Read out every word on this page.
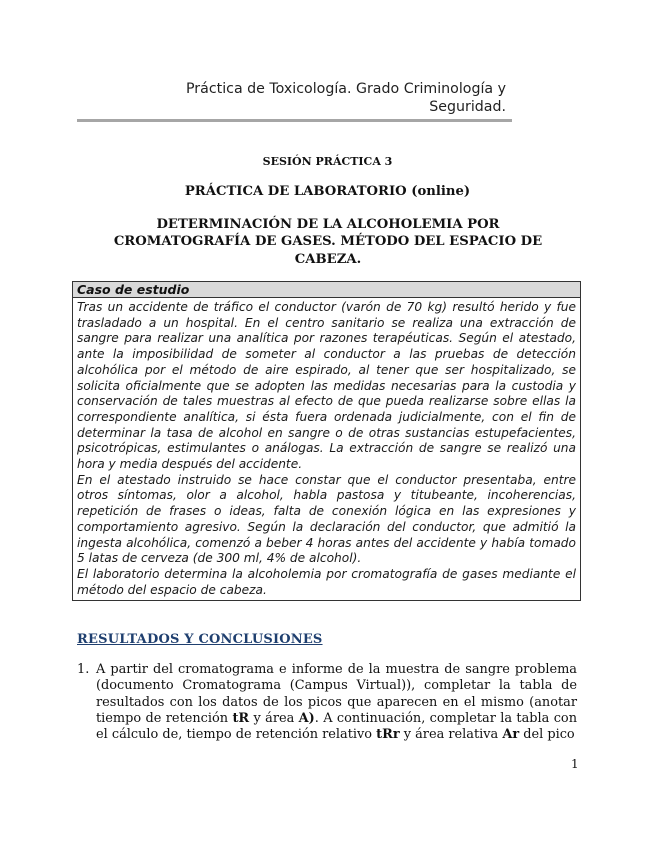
Práctica de Toxicología. Grado Criminología y
Seguridad.
SESIÓN PRÁCTICA 3
PRÁCTICA DE LABORATORIO (online)
DETERMINACIÓN DE LA ALCOHOLEMIA POR CROMATOGRAFÍA DE GASES. MÉTODO DEL ESPACIO DE CABEZA.
Caso de estudio

Tras un accidente de tráfico el conductor (varón de 70 kg) resultó herido y fue trasladado a un hospital. En el centro sanitario se realiza una extracción de sangre para realizar una analítica por razones terapéuticas. Según el atestado, ante la imposibilidad de someter al conductor a las pruebas de detección alcohólica por el método de aire espirado, al tener que ser hospitalizado, se solicita oficialmente que se adopten las medidas necesarias para la custodia y conservación de tales muestras al efecto de que pueda realizarse sobre ellas la correspondiente analítica, si ésta fuera ordenada judicialmente, con el fin de determinar la tasa de alcohol en sangre o de otras sustancias estupefacientes, psicotrópicas, estimulantes o análogas. La extracción de sangre se realizó una hora y media después del accidente.

En el atestado instruido se hace constar que el conductor presentaba, entre otros síntomas, olor a alcohol, habla pastosa y titubeante, incoherencias, repetición de frases o ideas, falta de conexión lógica en las expresiones y comportamiento agresivo. Según la declaración del conductor, que admitió la ingesta alcohólica, comenzó a beber 4 horas antes del accidente y había tomado 5 latas de cerveza (de 300 ml, 4% de alcohol).

El laboratorio determina la alcoholemia por cromatografía de gases mediante el método del espacio de cabeza.

RESULTADOS Y CONCLUSIONES
1. A partir del cromatograma e informe de la muestra de sangre problema (documento Cromatograma (Campus Virtual)), completar la tabla de resultados con los datos de los picos que aparecen en el mismo (anotar tiempo de retención tR y área A). A continuación, completar la tabla con el cálculo de, tiempo de retención relativo tRr y área relativa Ar del pico
1
